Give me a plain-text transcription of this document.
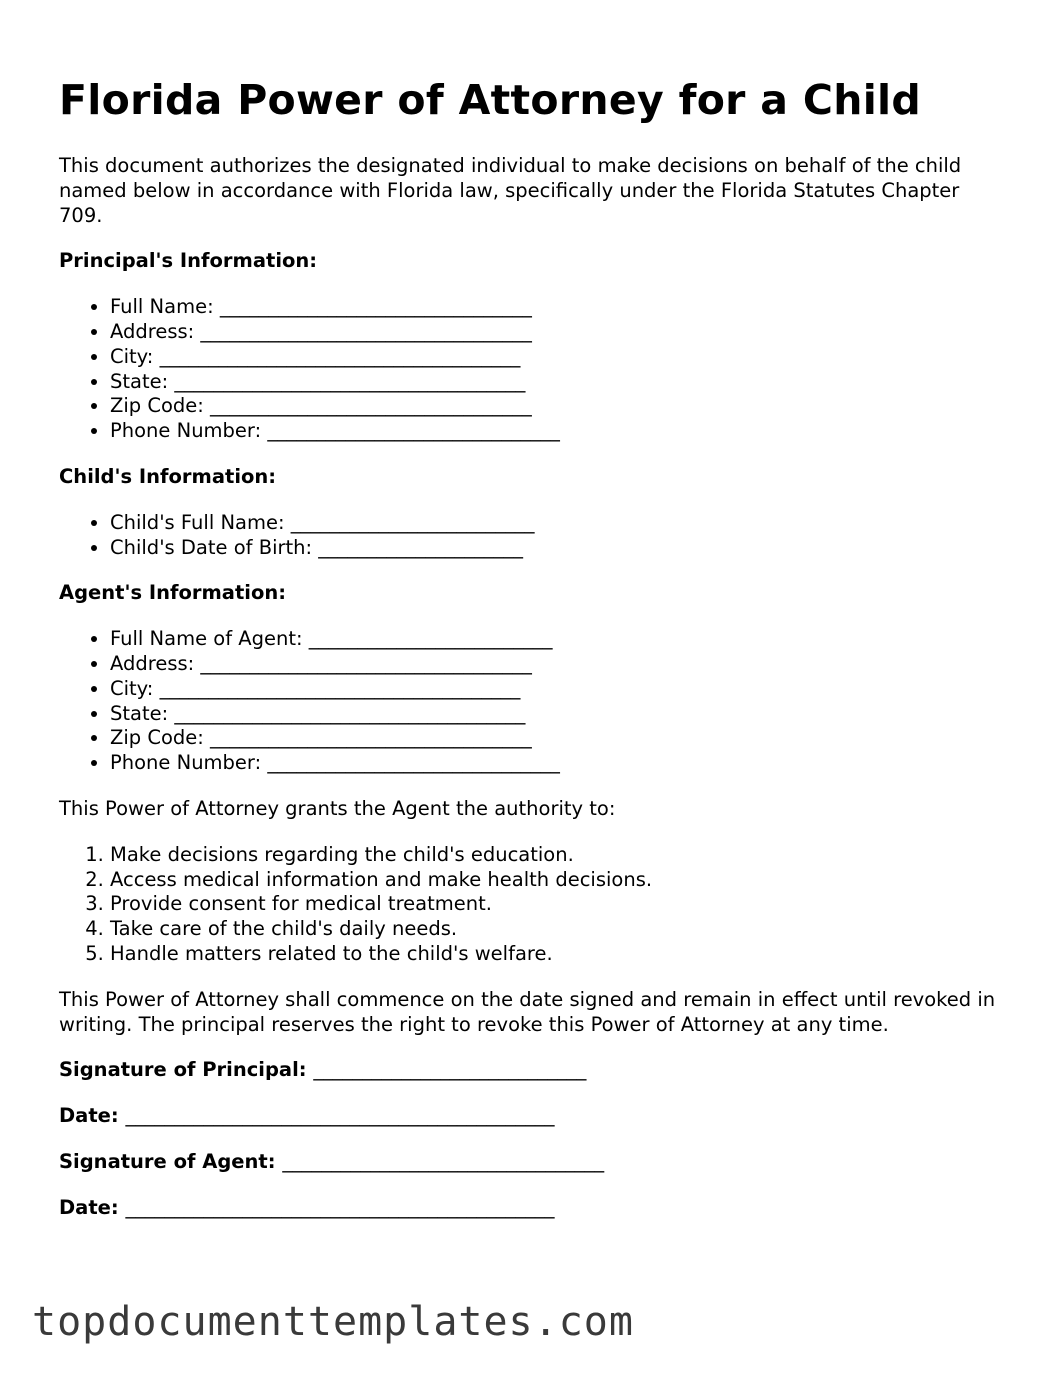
Florida Power of Attorney for a Child

This document authorizes the designated individual to make decisions on behalf of the child named below in accordance with Florida law, specifically under the Florida Statutes Chapter 709.

Principal's Information:

• Full Name: ________________________________
• Address: __________________________________
• City: _____________________________________
• State: ____________________________________
• Zip Code: _________________________________
• Phone Number: ______________________________

Child's Information:

• Child's Full Name: _________________________
• Child's Date of Birth: _____________________

Agent's Information:

• Full Name of Agent: _________________________
• Address: __________________________________
• City: _____________________________________
• State: ____________________________________
• Zip Code: _________________________________
• Phone Number: ______________________________

This Power of Attorney grants the Agent the authority to:

1. Make decisions regarding the child's education.
2. Access medical information and make health decisions.
3. Provide consent for medical treatment.
4. Take care of the child's daily needs.
5. Handle matters related to the child's welfare.

This Power of Attorney shall commence on the date signed and remain in effect until revoked in writing. The principal reserves the right to revoke this Power of Attorney at any time.

Signature of Principal: ____________________________

Date: ____________________________________________

Signature of Agent: _________________________________

Date: ____________________________________________

topdocumenttemplates.com
